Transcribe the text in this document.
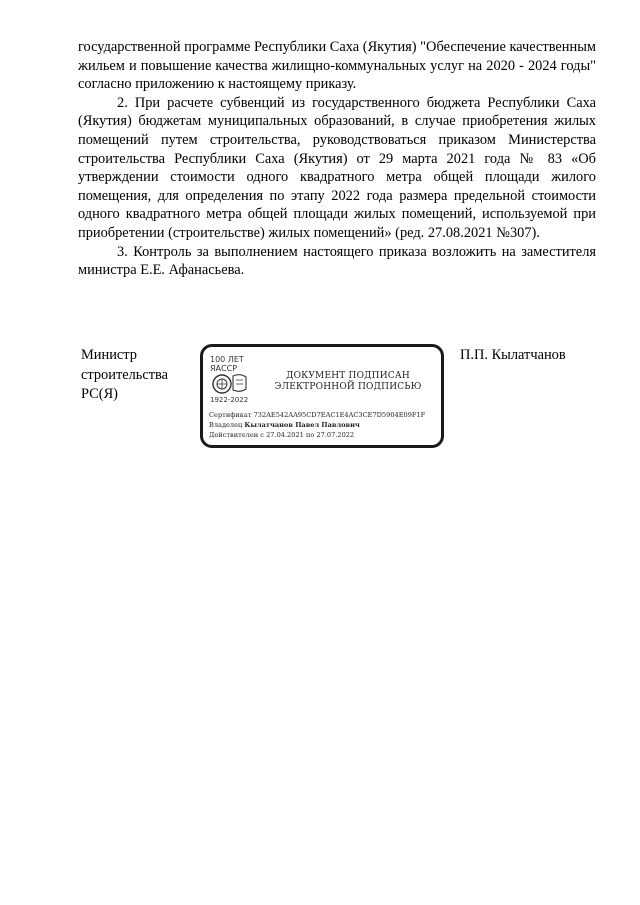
государственной программе Республики Саха (Якутия) "Обеспечение качественным жильем и повышение качества жилищно-коммунальных услуг на 2020 - 2024 годы" согласно приложению к настоящему приказу.

2. При расчете субвенций из государственного бюджета Республики Саха (Якутия) бюджетам муниципальных образований, в случае приобретения жилых помещений путем строительства, руководствоваться приказом Министерства строительства Республики Саха (Якутия) от 29 марта 2021 года № 83 «Об утверждении стоимости одного квадратного метра общей площади жилого помещения, для определения по этапу 2022 года размера предельной стоимости одного квадратного метра общей площади жилых помещений, используемой при приобретении (строительстве) жилых помещений» (ред. 27.08.2021 №307).

3. Контроль за выполнением настоящего приказа возложить на заместителя министра Е.Е. Афанасьева.

Министр
строительства
РС(Я)
100 ЛЕТ
ЯАССР
1922-2022
ДОКУМЕНТ ПОДПИСАН
ЭЛЕКТРОННОЙ ПОДПИСЬЮ
Сертификат 732AE542AA95CD7EAC1E4AC3CE7D5904E09F1F
Владелец Кылатчанов Павел Павлович
Действителен с 27.04.2021 по 27.07.2022
П.П. Кылатчанов
